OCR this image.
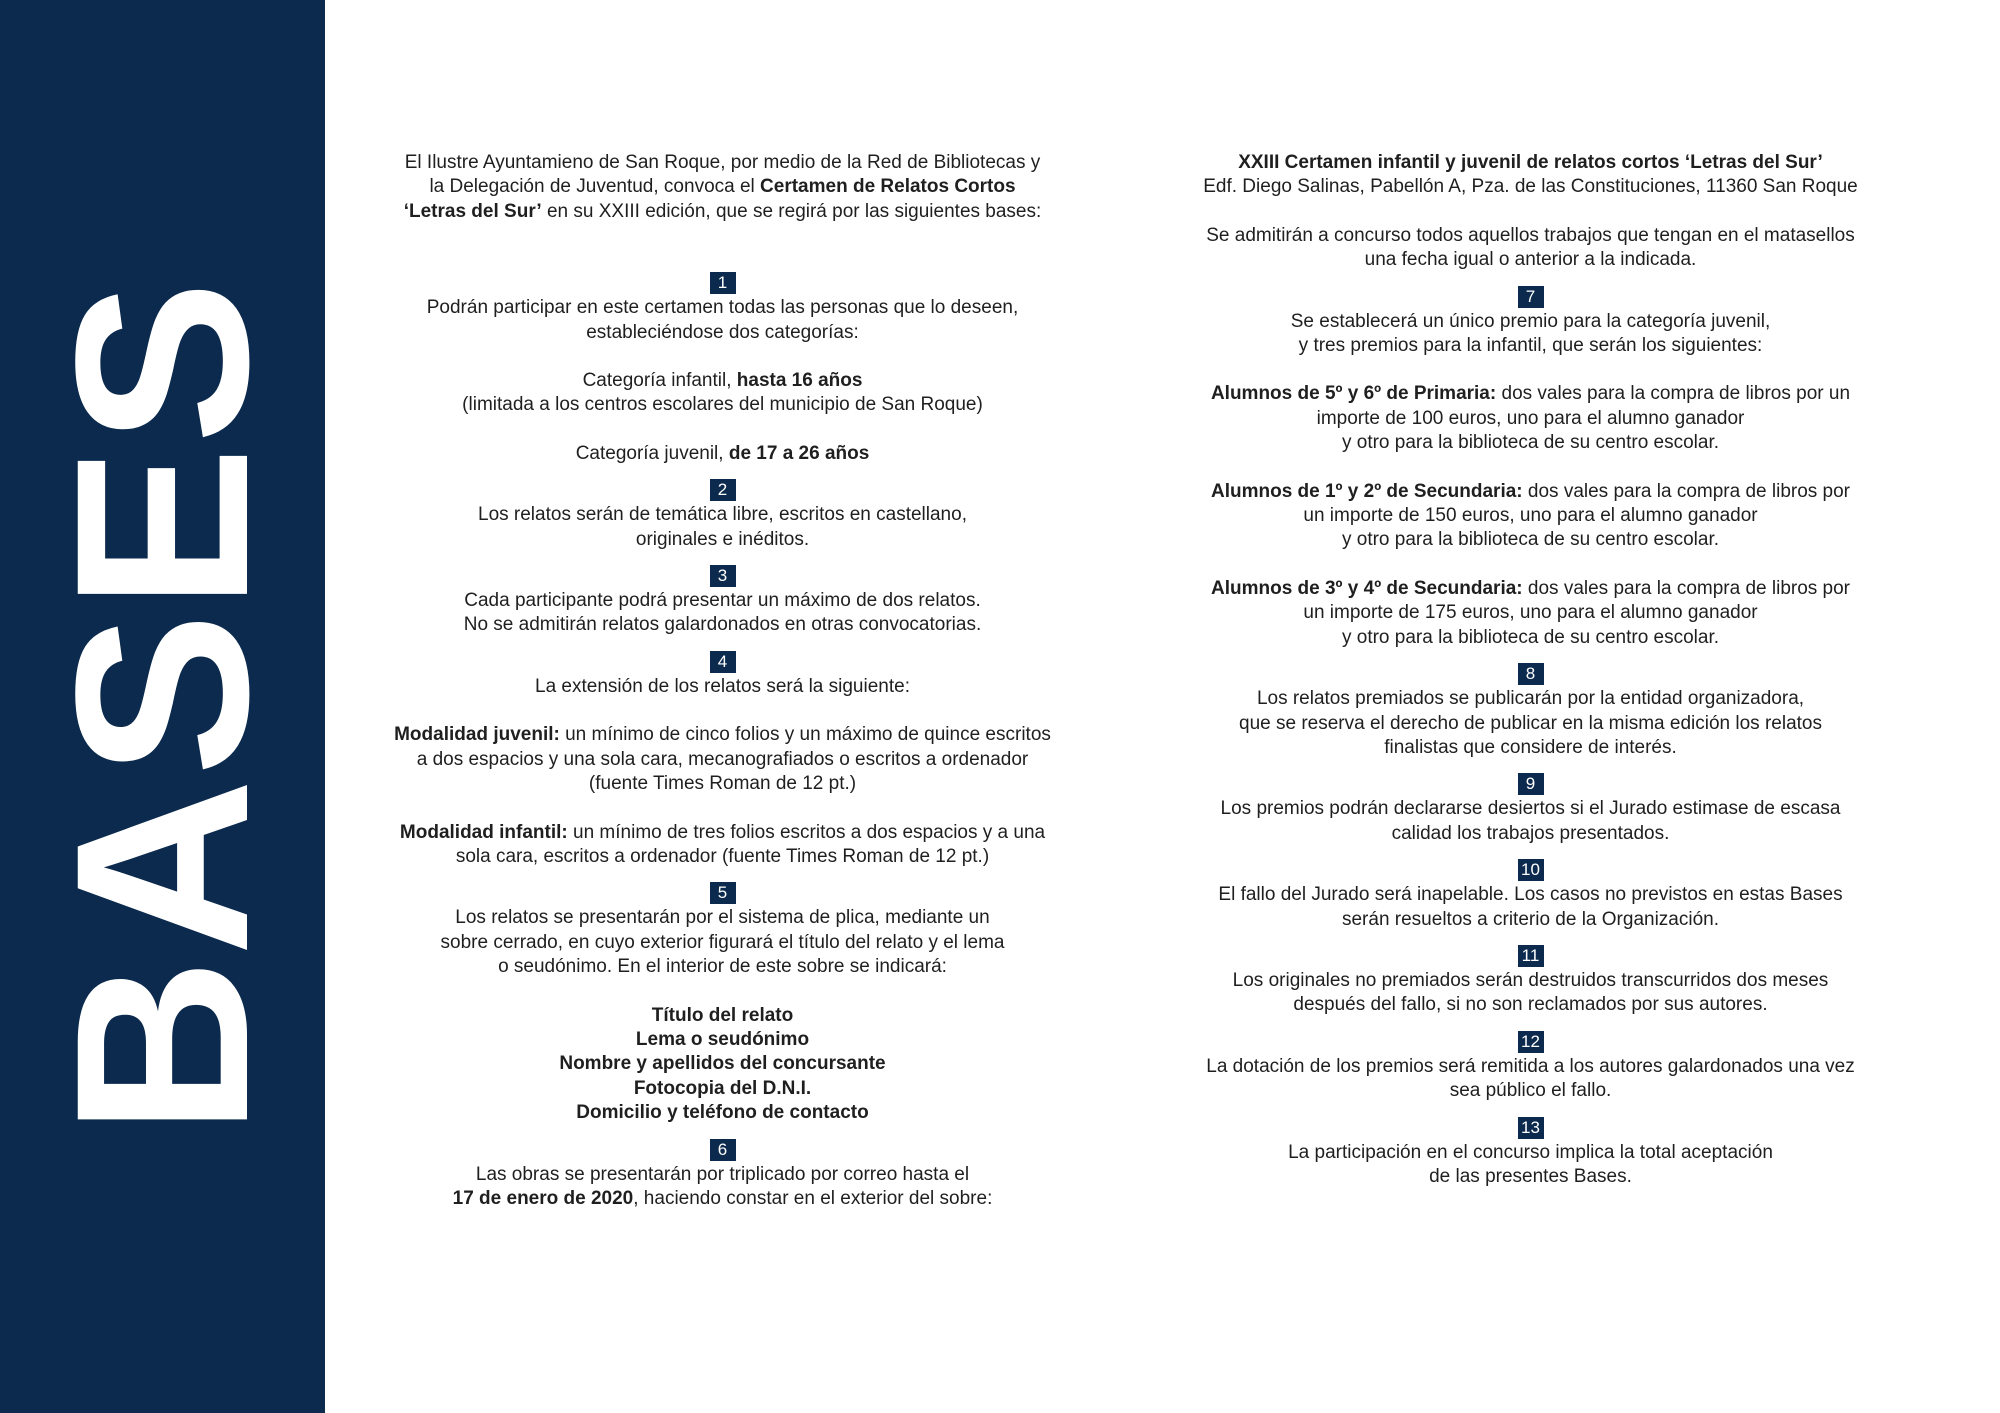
BASES

El Ilustre Ayuntamieno de San Roque, por medio de la Red de Bibliotecas y

la Delegación de Juventud, convoca el Certamen de Relatos Cortos

‘Letras del Sur’ en su XXIII edición, que se regirá por las siguientes bases:

1

Podrán participar en este certamen todas las personas que lo deseen,

estableciéndose dos categorías:

Categoría infantil, hasta 16 años

(limitada a los centros escolares del municipio de San Roque)

Categoría juvenil, de 17 a 26 años

2

Los relatos serán de temática libre, escritos en castellano,

originales e inéditos.

3

Cada participante podrá presentar un máximo de dos relatos.

No se admitirán relatos galardonados en otras convocatorias.

4

La extensión de los relatos será la siguiente:

Modalidad juvenil: un mínimo de cinco folios y un máximo de quince escritos

a dos espacios y una sola cara, mecanografiados o escritos a ordenador

(fuente Times Roman de 12 pt.)

Modalidad infantil: un mínimo de tres folios escritos a dos espacios y a una

sola cara, escritos a ordenador (fuente Times Roman de 12 pt.)

5

Los relatos se presentarán por el sistema de plica, mediante un

sobre cerrado, en cuyo exterior figurará el título del relato y el lema

o seudónimo. En el interior de este sobre se indicará:

Título del relato

Lema o seudónimo

Nombre y apellidos del concursante

Fotocopia del D.N.I.

Domicilio y teléfono de contacto

6

Las obras se presentarán por triplicado por correo hasta el

17 de enero de 2020, haciendo constar en el exterior del sobre:

XXIII Certamen infantil y juvenil de relatos cortos ‘Letras del Sur’

Edf. Diego Salinas, Pabellón A, Pza. de las Constituciones, 11360 San Roque

Se admitirán a concurso todos aquellos trabajos que tengan en el matasellos

una fecha igual o anterior a la indicada.

7

Se establecerá un único premio para la categoría juvenil,

y tres premios para la infantil, que serán los siguientes:

Alumnos de 5º y 6º de Primaria: dos vales para la compra de libros por un

importe de 100 euros, uno para el alumno ganador

y otro para la biblioteca de su centro escolar.

Alumnos de 1º y 2º de Secundaria: dos vales para la compra de libros por

un importe de 150 euros, uno para el alumno ganador

y otro para la biblioteca de su centro escolar.

Alumnos de 3º y 4º de Secundaria: dos vales para la compra de libros por

un importe de 175 euros, uno para el alumno ganador

y otro para la biblioteca de su centro escolar.

8

Los relatos premiados se publicarán por la entidad organizadora,

que se reserva el derecho de publicar en la misma edición los relatos

finalistas que considere de interés.

9

Los premios podrán declararse desiertos si el Jurado estimase de escasa

calidad los trabajos presentados.

10

El fallo del Jurado será inapelable. Los casos no previstos en estas Bases

serán resueltos a criterio de la Organización.

11

Los originales no premiados serán destruidos transcurridos dos meses

después del fallo, si no son reclamados por sus autores.

12

La dotación de los premios será remitida a los autores galardonados una vez

sea público el fallo.

13

La participación en el concurso implica la total aceptación

de las presentes Bases.
